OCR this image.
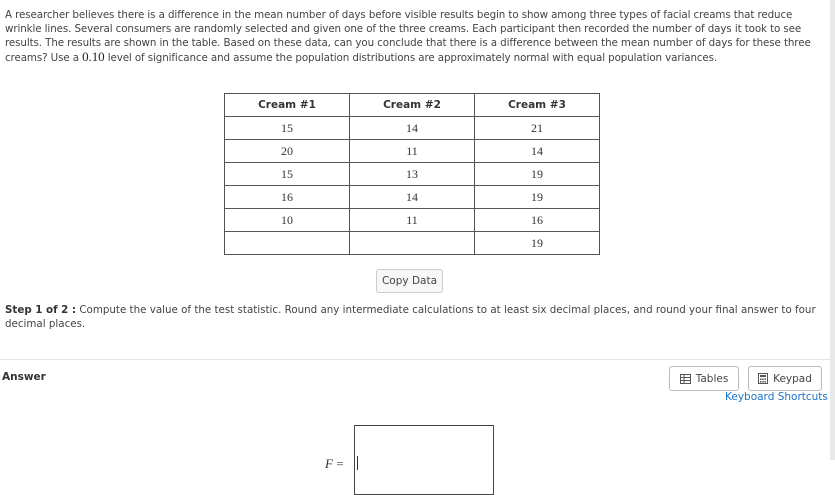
A researcher believes there is a difference in the mean number of days before visible results begin to show among three types of facial creams that reduce wrinkle lines. Several consumers are randomly selected and given one of the three creams. Each participant then recorded the number of days it took to see results. The results are shown in the table. Based on these data, can you conclude that there is a difference between the mean number of days for these three creams? Use a 0.10 level of significance and assume the population distributions are approximately normal with equal population variances.
Cream #1	Cream #2	Cream #3
15	14	21
20	11	14
15	13	19
16	14	19
10	11	16
		19
Copy Data
Step 1 of 2 : Compute the value of the test statistic. Round any intermediate calculations to at least six decimal places, and round your final answer to four decimal places.
Answer	Tables	Keypad
Keyboard Shortcuts
F =
